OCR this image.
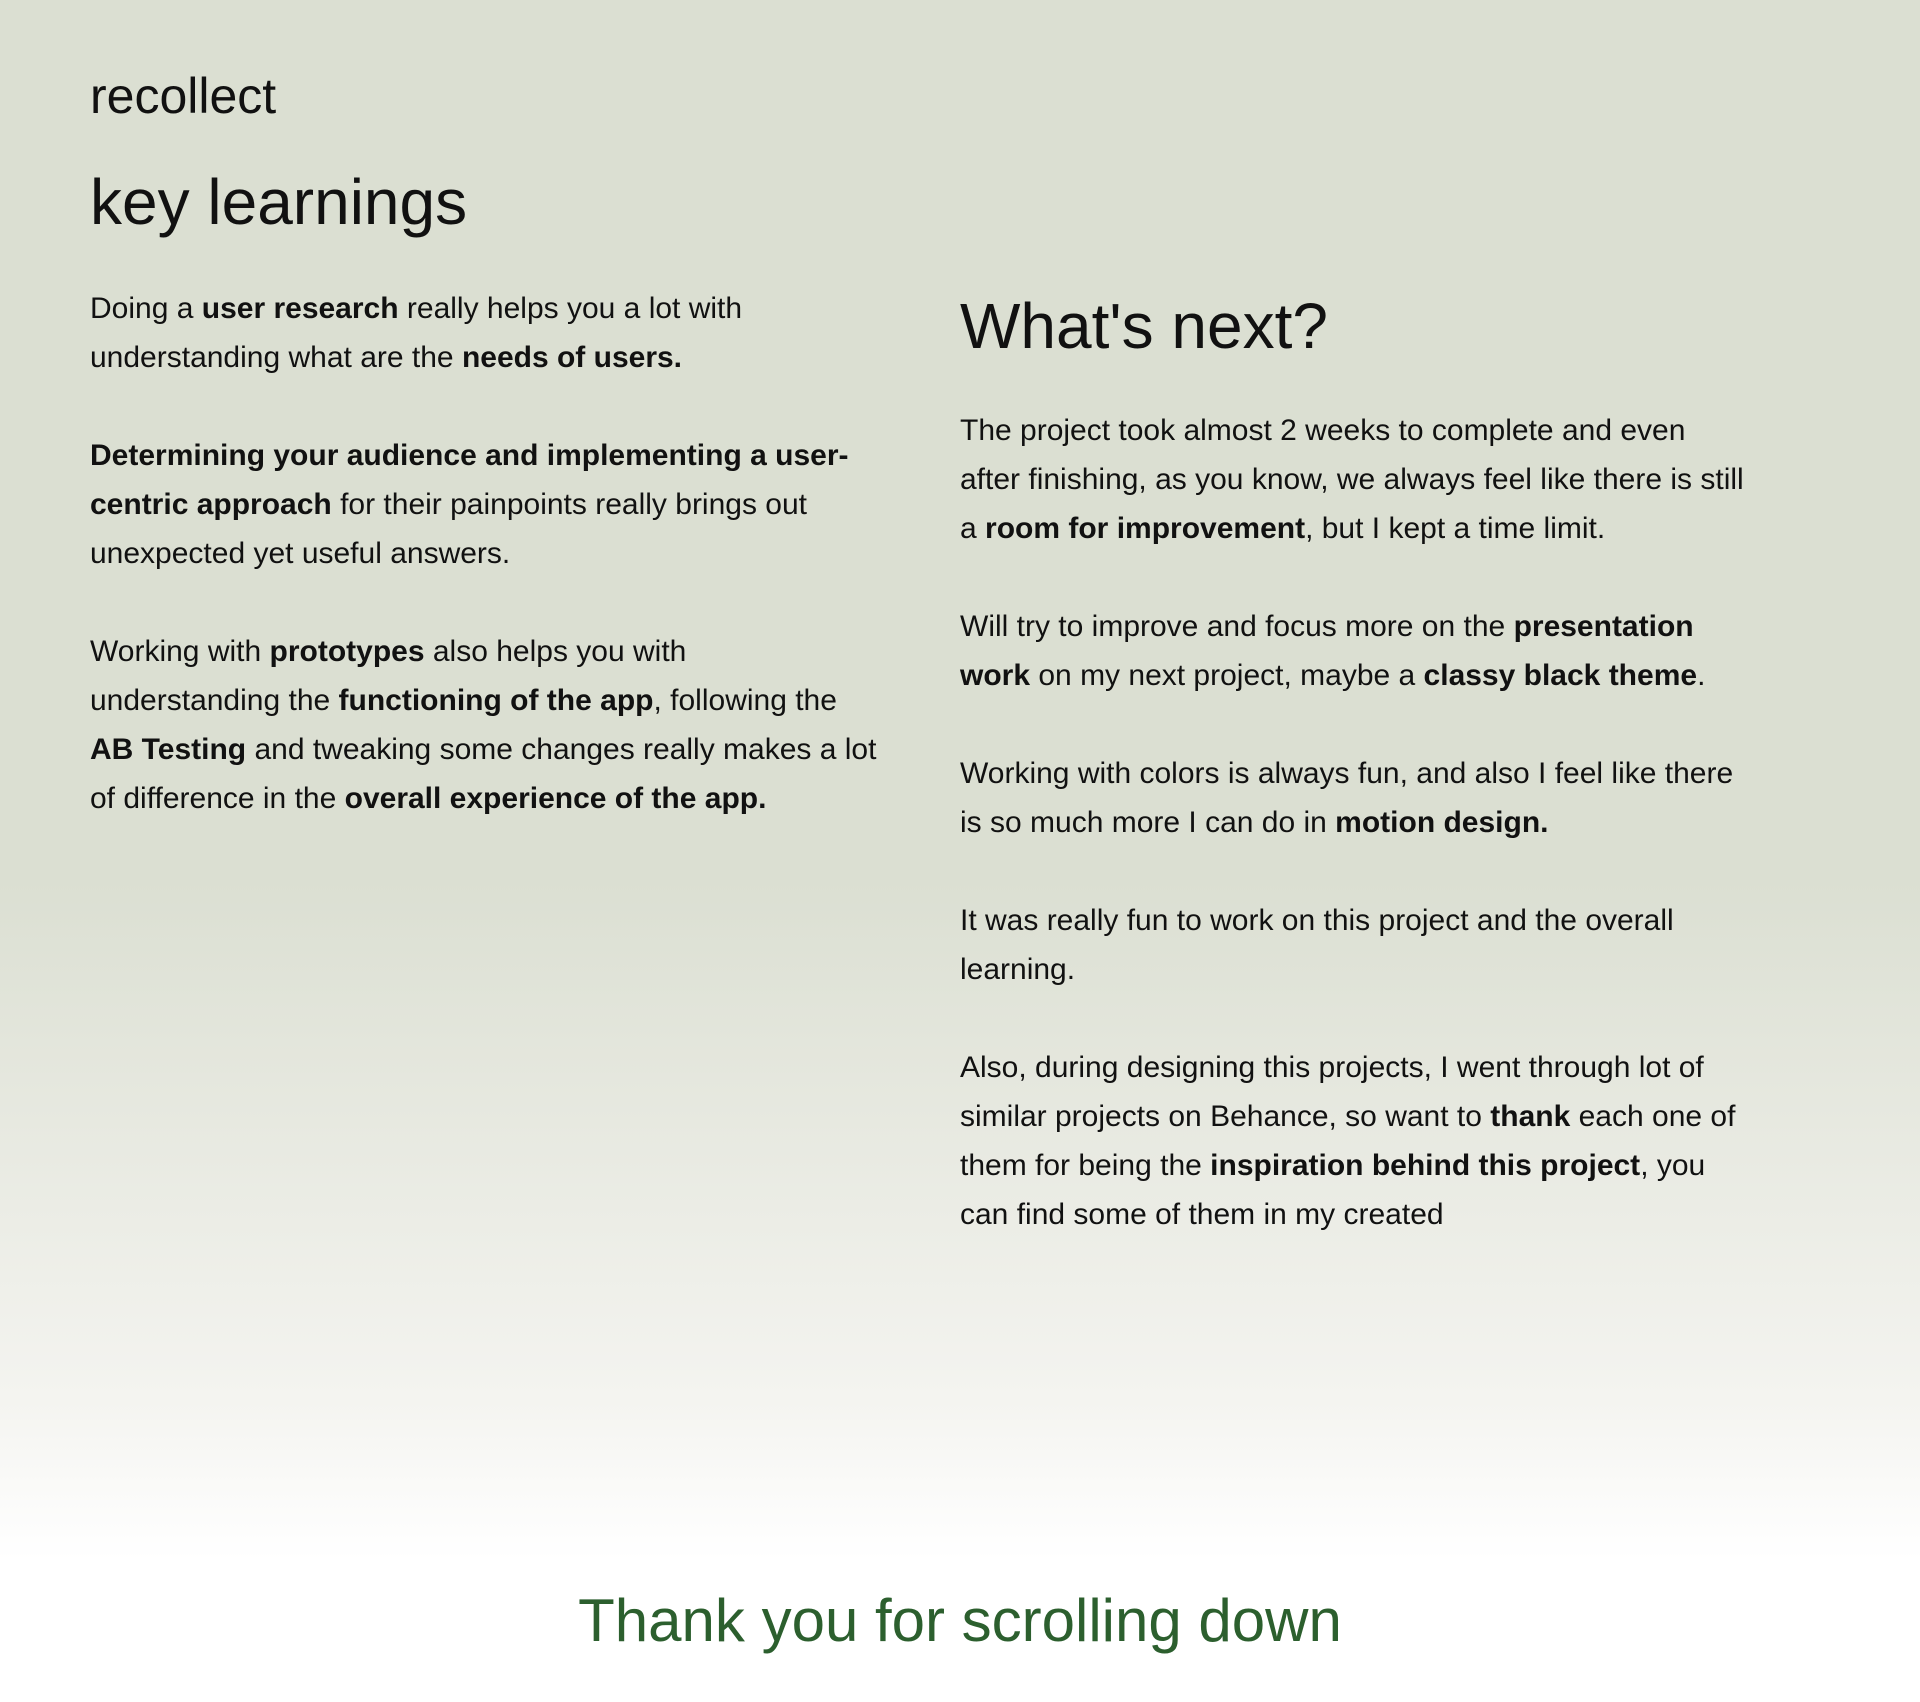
recollect
key learnings

Doing a user research really helps you a lot with understanding what are the needs of users.

Determining your audience and implementing a user-centric approach for their painpoints really brings out unexpected yet useful answers.

Working with prototypes also helps you with understanding the functioning of the app, following the AB Testing and tweaking some changes really makes a lot of difference in the overall experience of the app.

What's next?

The project took almost 2 weeks to complete and even after finishing, as you know, we always feel like there is still a room for improvement, but I kept a time limit.

Will try to improve and focus more on the presentation work on my next project, maybe a classy black theme.

Working with colors is always fun, and also I feel like there is so much more I can do in motion design.

It was really fun to work on this project and the overall learning.

Also, during designing this projects, I went through lot of similar projects on Behance, so want to thank each one of them for being the inspiration behind this project, you can find some of them in my created

Thank you for scrolling down
